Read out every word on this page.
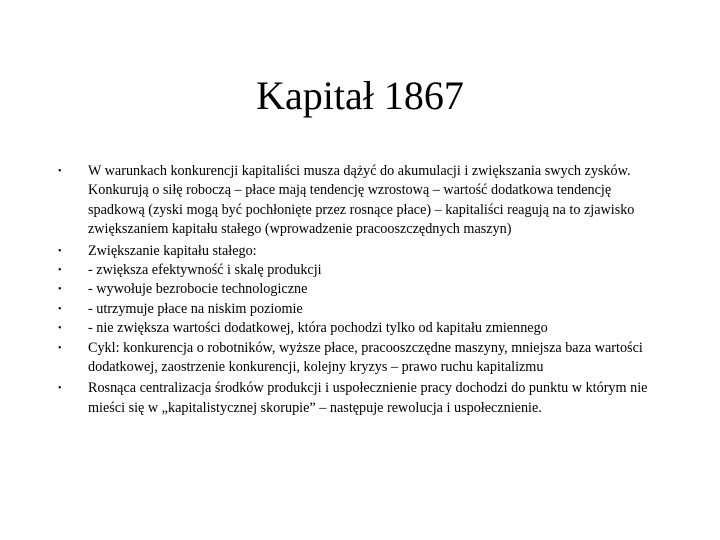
Kapitał 1867
• W warunkach konkurencji kapitaliści musza dążyć do akumulacji i zwiększania swych zysków. Konkurują o siłę roboczą – płace mają tendencję wzrostową – wartość dodatkowa tendencję spadkową (zyski mogą być pochłonięte przez rosnące płace) – kapitaliści reagują na to zjawisko zwiększaniem kapitału stałego (wprowadzenie pracooszczędnych maszyn)
• Zwiększanie kapitału stałego:
• - zwiększa efektywność i skalę produkcji
• - wywołuje bezrobocie technologiczne
• - utrzymuje płace na niskim poziomie
• - nie zwiększa wartości dodatkowej, która pochodzi tylko od kapitału zmiennego
• Cykl: konkurencja o robotników, wyższe płace, pracooszczędne maszyny, mniejsza baza wartości dodatkowej, zaostrzenie konkurencji, kolejny kryzys – prawo ruchu kapitalizmu
• Rosnąca centralizacja środków produkcji i uspołecznienie pracy dochodzi do punktu w którym nie mieści się w „kapitalistycznej skorupie” – następuje rewolucja i uspołecznienie.
